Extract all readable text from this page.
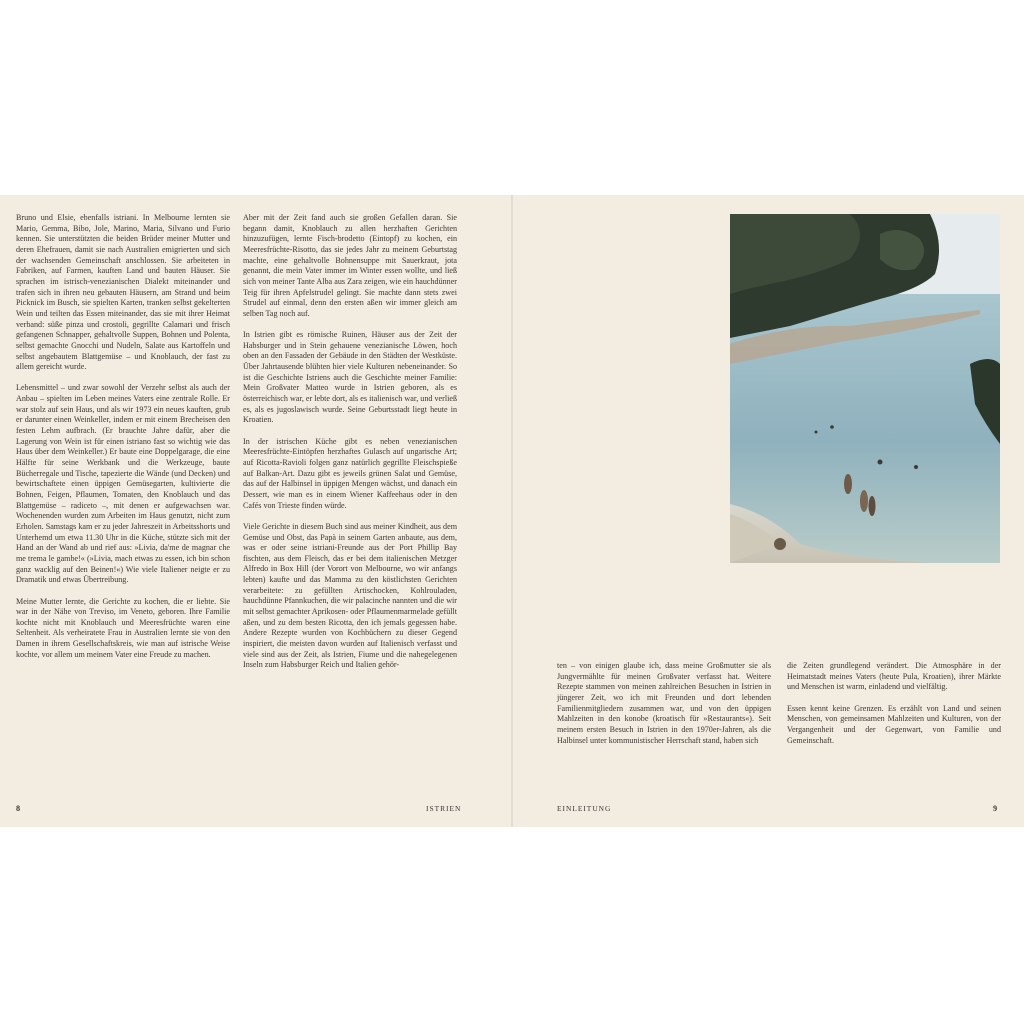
Bruno und Elsie, ebenfalls istriani. In Melbourne lernten sie Mario, Gemma, Bibo, Jole, Marino, Maria, Silvano und Furio kennen. Sie unterstützten die beiden Brüder meiner Mutter und deren Ehefrauen, damit sie nach Australien emigrierten und sich der wachsenden Gemeinschaft anschlossen. Sie arbeiteten in Fabriken, auf Farmen, kauften Land und bauten Häuser. Sie sprachen im istrisch-venezianischen Dialekt miteinander und trafen sich in ihren neu gebauten Häusern, am Strand und beim Picknick im Busch, sie spielten Karten, tranken selbst gekelterten Wein und teilten das Essen miteinander, das sie mit ihrer Heimat verband: süße pinza und crostoli, gegrillte Calamari und frisch gefangenen Schnapper, gehaltvolle Suppen, Bohnen und Polenta, selbst gemachte Gnocchi und Nudeln, Salate aus Kartoffeln und selbst angebautem Blattgemüse – und Knoblauch, der fast zu allem gereicht wurde.

Lebensmittel – und zwar sowohl der Verzehr selbst als auch der Anbau – spielten im Leben meines Vaters eine zentrale Rolle. Er war stolz auf sein Haus, und als wir 1973 ein neues kauften, grub er darunter einen Weinkeller, indem er mit einem Brecheisen den festen Lehm aufbrach. (Er brauchte Jahre dafür, aber die Lagerung von Wein ist für einen istriano fast so wichtig wie das Haus über dem Weinkeller.) Er baute eine Doppelgarage, die eine Hälfte für seine Werkbank und die Werkzeuge, baute Bücherregale und Tische, tapezierte die Wände (und Decken) und bewirtschaftete einen üppigen Gemüsegarten, kultivierte die Bohnen, Feigen, Pflaumen, Tomaten, den Knoblauch und das Blattgemüse – radiceto –, mit denen er aufgewachsen war. Wochenenden wurden zum Arbeiten im Haus genutzt, nicht zum Erholen. Samstags kam er zu jeder Jahreszeit in Arbeitsshorts und Unterhemd um etwa 11.30 Uhr in die Küche, stützte sich mit der Hand an der Wand ab und rief aus: »Livia, da'me de magnar che me trema le gambe!« (»Livia, mach etwas zu essen, ich bin schon ganz wacklig auf den Beinen!«) Wie viele Italiener neigte er zu Dramatik und etwas Übertreibung.

Meine Mutter lernte, die Gerichte zu kochen, die er liebte. Sie war in der Nähe von Treviso, im Veneto, geboren. Ihre Familie kochte nicht mit Knoblauch und Meeresfrüchte waren eine Seltenheit. Als verheiratete Frau in Australien lernte sie von den Damen in ihrem Gesellschaftskreis, wie man auf istrische Weise kochte, vor allem um meinem Vater eine Freude zu machen.

Aber mit der Zeit fand auch sie großen Gefallen daran. Sie begann damit, Knoblauch zu allen herzhaften Gerichten hinzuzufügen, lernte Fisch-brodetto (Eintopf) zu kochen, ein Meeresfrüchte-Risotto, das sie jedes Jahr zu meinem Geburtstag machte, eine gehaltvolle Bohnensuppe mit Sauerkraut, jota genannt, die mein Vater immer im Winter essen wollte, und ließ sich von meiner Tante Alba aus Zara zeigen, wie ein hauchdünner Teig für ihren Apfelstrudel gelingt. Sie machte dann stets zwei Strudel auf einmal, denn den ersten aßen wir immer gleich am selben Tag noch auf.

In Istrien gibt es römische Ruinen, Häuser aus der Zeit der Habsburger und in Stein gehauene venezianische Löwen, hoch oben an den Fassaden der Gebäude in den Städten der Westküste. Über Jahrtausende blühten hier viele Kulturen nebeneinander. So ist die Geschichte Istriens auch die Geschichte meiner Familie: Mein Großvater Matteo wurde in Istrien geboren, als es österreichisch war, er lebte dort, als es italienisch war, und verließ es, als es jugoslawisch wurde. Seine Geburtsstadt liegt heute in Kroatien.

In der istrischen Küche gibt es neben venezianischen Meeresfrüchte-Eintöpfen herzhaftes Gulasch auf ungarische Art; auf Ricotta-Ravioli folgen ganz natürlich gegrillte Fleischspieße auf Balkan-Art. Dazu gibt es jeweils grünen Salat und Gemüse, das auf der Halbinsel in üppigen Mengen wächst, und danach ein Dessert, wie man es in einem Wiener Kaffeehaus oder in den Cafés von Trieste finden würde.

Viele Gerichte in diesem Buch sind aus meiner Kindheit, aus dem Gemüse und Obst, das Papà in seinem Garten anbaute, aus dem, was er oder seine istriani-Freunde aus der Port Phillip Bay fischten, aus dem Fleisch, das er bei dem italienischen Metzger Alfredo in Box Hill (der Vorort von Melbourne, wo wir anfangs lebten) kaufte und das Mamma zu den köstlichsten Gerichten verarbeitete: zu gefüllten Artischocken, Kohlrouladen, hauchdünne Pfannkuchen, die wir palacinche nannten und die wir mit selbst gemachter Aprikosen- oder Pflaumenmarmelade gefüllt aßen, und zu dem besten Ricotta, den ich jemals gegessen habe. Andere Rezepte wurden von Kochbüchern zu dieser Gegend inspiriert, die meisten davon wurden auf Italienisch verfasst und viele sind aus der Zeit, als Istrien, Fiume und die nahegelegenen Inseln zum Habsburger Reich und Italien gehör-	ten – von einigen glaube ich, dass meine Großmutter sie als Jungvermählte für meinen Großvater verfasst hat. Weitere Rezepte stammen von meinen zahlreichen Besuchen in Istrien in jüngerer Zeit, wo ich mit Freunden und dort lebenden Familienmitgliedern zusammen war, und von den üppigen Mahlzeiten in den konobe (kroatisch für »Restaurants«). Seit meinem ersten Besuch in Istrien in den 1970er-Jahren, als die Halbinsel unter kommunistischer Herrschaft stand, haben sich

die Zeiten grundlegend verändert. Die Atmosphäre in der Heimatstadt meines Vaters (heute Pula, Kroatien), ihrer Märkte und Menschen ist warm, einladend und vielfältig.

Essen kennt keine Grenzen. Es erzählt von Land und seinen Menschen, von gemeinsamen Mahlzeiten und Kulturen, von der Vergangenheit und der Gegenwart, von Familie und Gemeinschaft.

8	ISTRIEN	EINLEITUNG	9
